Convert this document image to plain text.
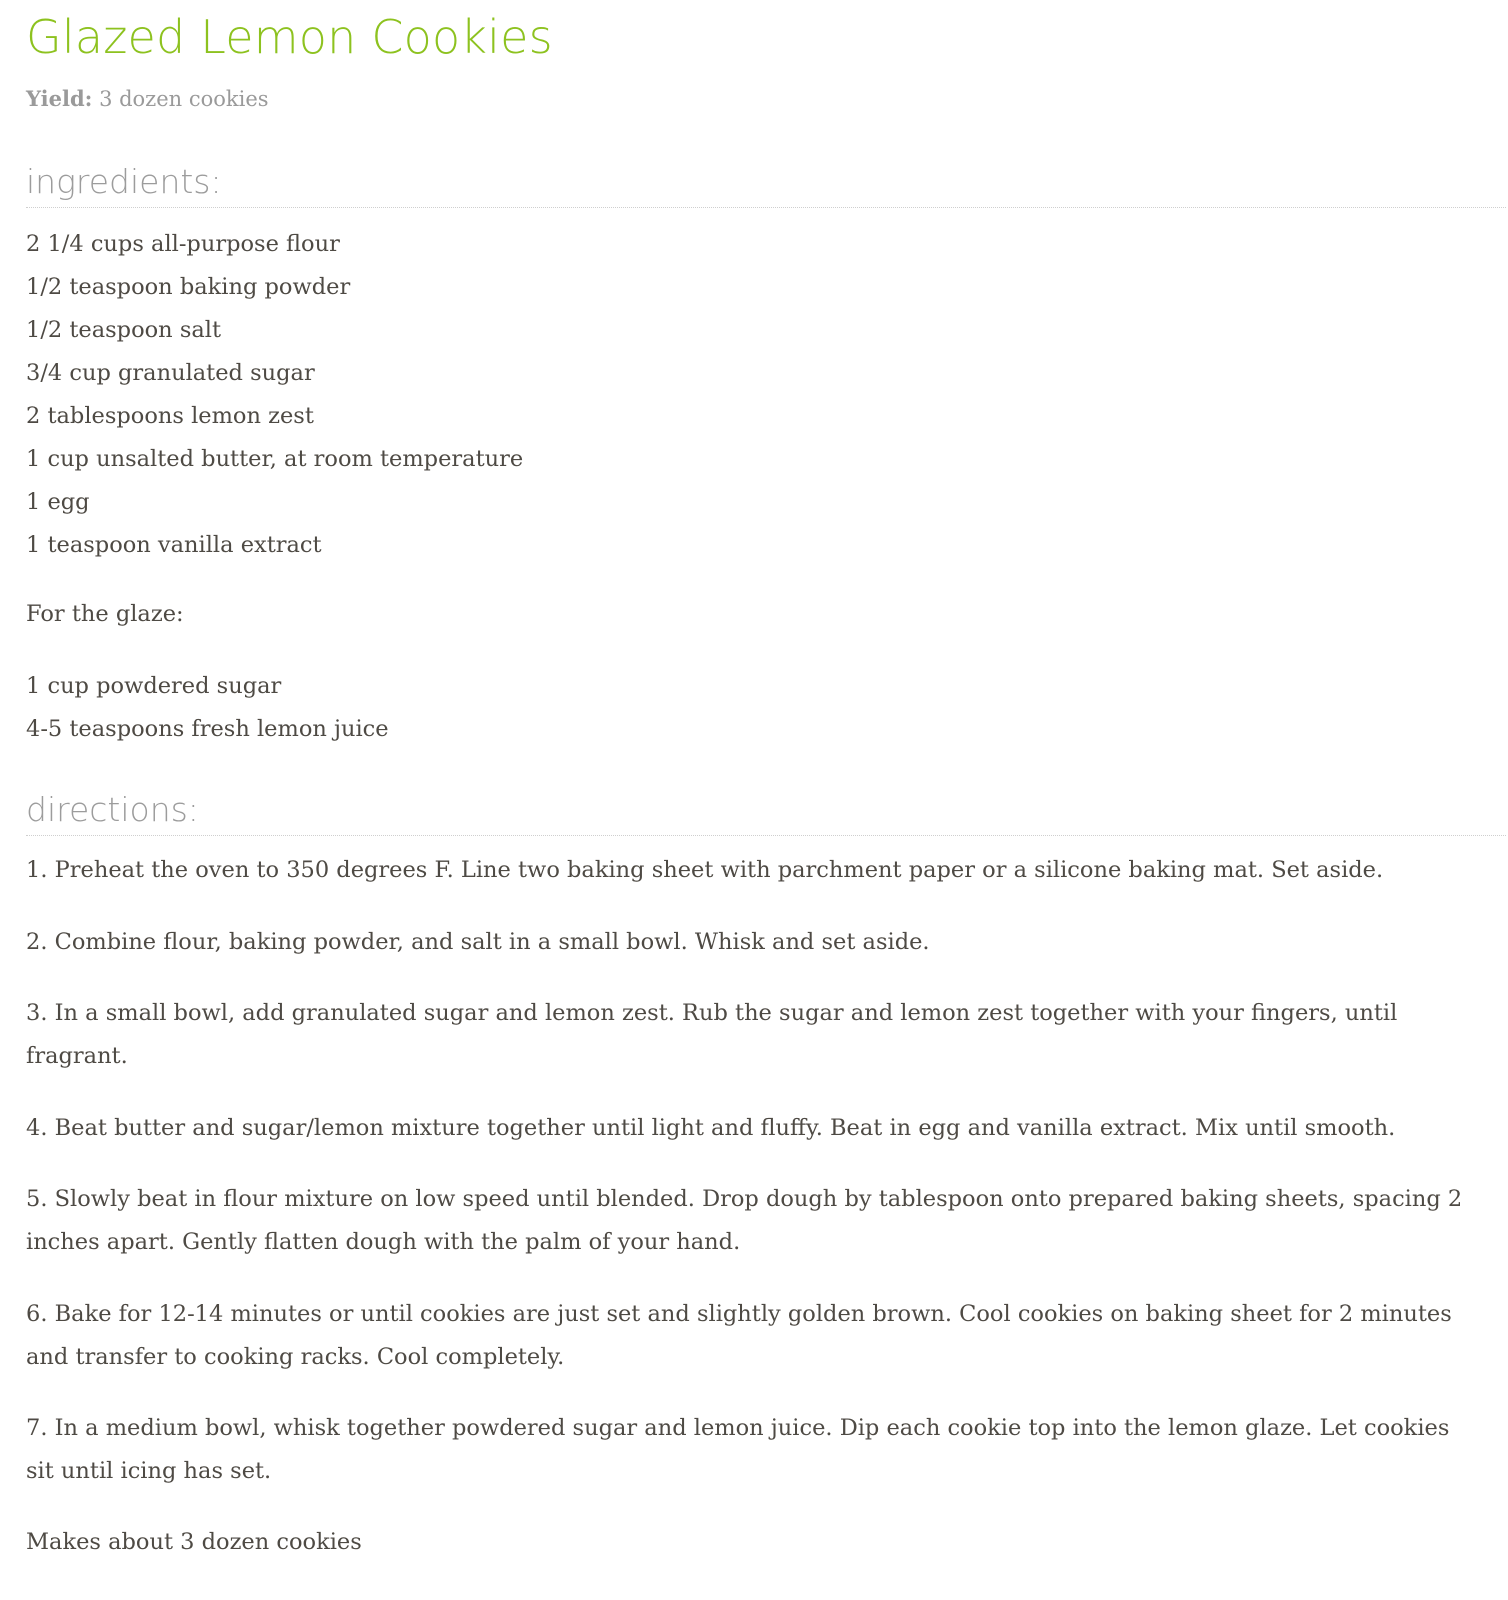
Glazed Lemon Cookies
Yield: 3 dozen cookies
ingredients:
2 1/4 cups all-purpose flour
1/2 teaspoon baking powder
1/2 teaspoon salt
3/4 cup granulated sugar
2 tablespoons lemon zest
1 cup unsalted butter, at room temperature
1 egg
1 teaspoon vanilla extract
For the glaze:
1 cup powdered sugar
4-5 teaspoons fresh lemon juice
directions:

1. Preheat the oven to 350 degrees F. Line two baking sheet with parchment paper or a silicone baking mat. Set aside.

2. Combine flour, baking powder, and salt in a small bowl. Whisk and set aside.

3. In a small bowl, add granulated sugar and lemon zest. Rub the sugar and lemon zest together with your fingers, until fragrant.

4. Beat butter and sugar/lemon mixture together until light and fluffy. Beat in egg and vanilla extract. Mix until smooth.

5. Slowly beat in flour mixture on low speed until blended. Drop dough by tablespoon onto prepared baking sheets, spacing 2 inches apart. Gently flatten dough with the palm of your hand.

6. Bake for 12-14 minutes or until cookies are just set and slightly golden brown. Cool cookies on baking sheet for 2 minutes and transfer to cooking racks. Cool completely.

7. In a medium bowl, whisk together powdered sugar and lemon juice. Dip each cookie top into the lemon glaze. Let cookies sit until icing has set.

Makes about 3 dozen cookies
